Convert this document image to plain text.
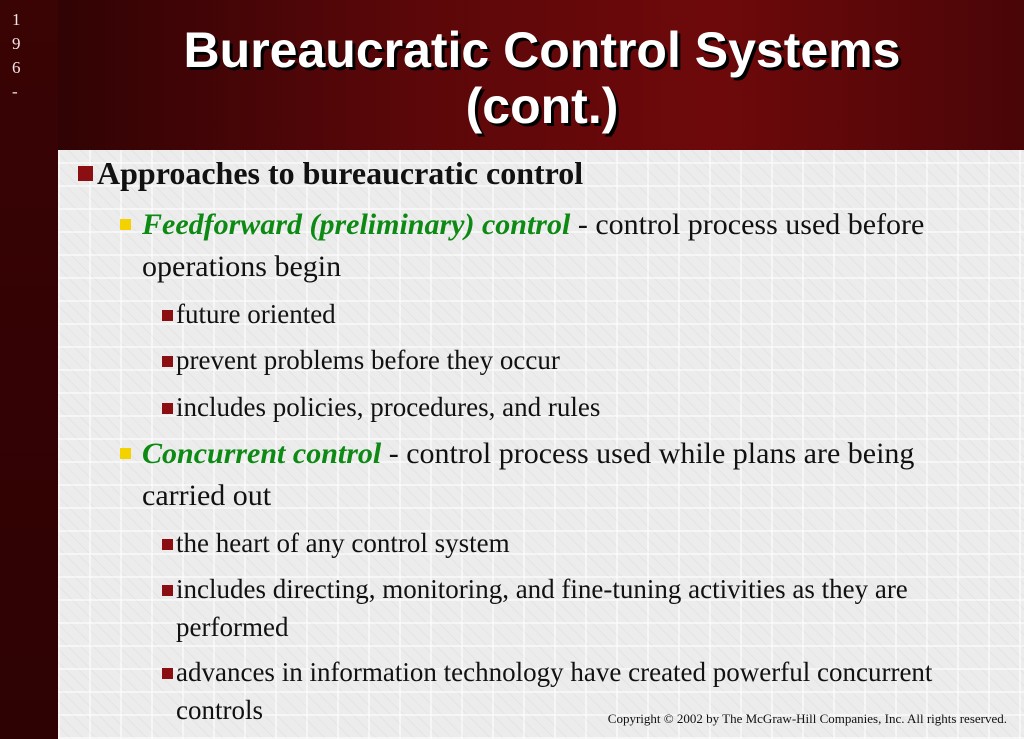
1 9
6
-
Bureaucratic Control Systems
(cont.)
Approaches to bureaucratic control
Feedforward (preliminary) control - control process used before operations begin
future oriented
prevent problems before they occur
includes policies, procedures, and rules
Concurrent control - control process used while plans are being carried out
the heart of any control system
includes directing, monitoring, and fine-tuning activities as they are performed
advances in information technology have created powerful concurrent controls	Copyright © 2002 by The McGraw-Hill Companies, Inc. All rights reserved.
